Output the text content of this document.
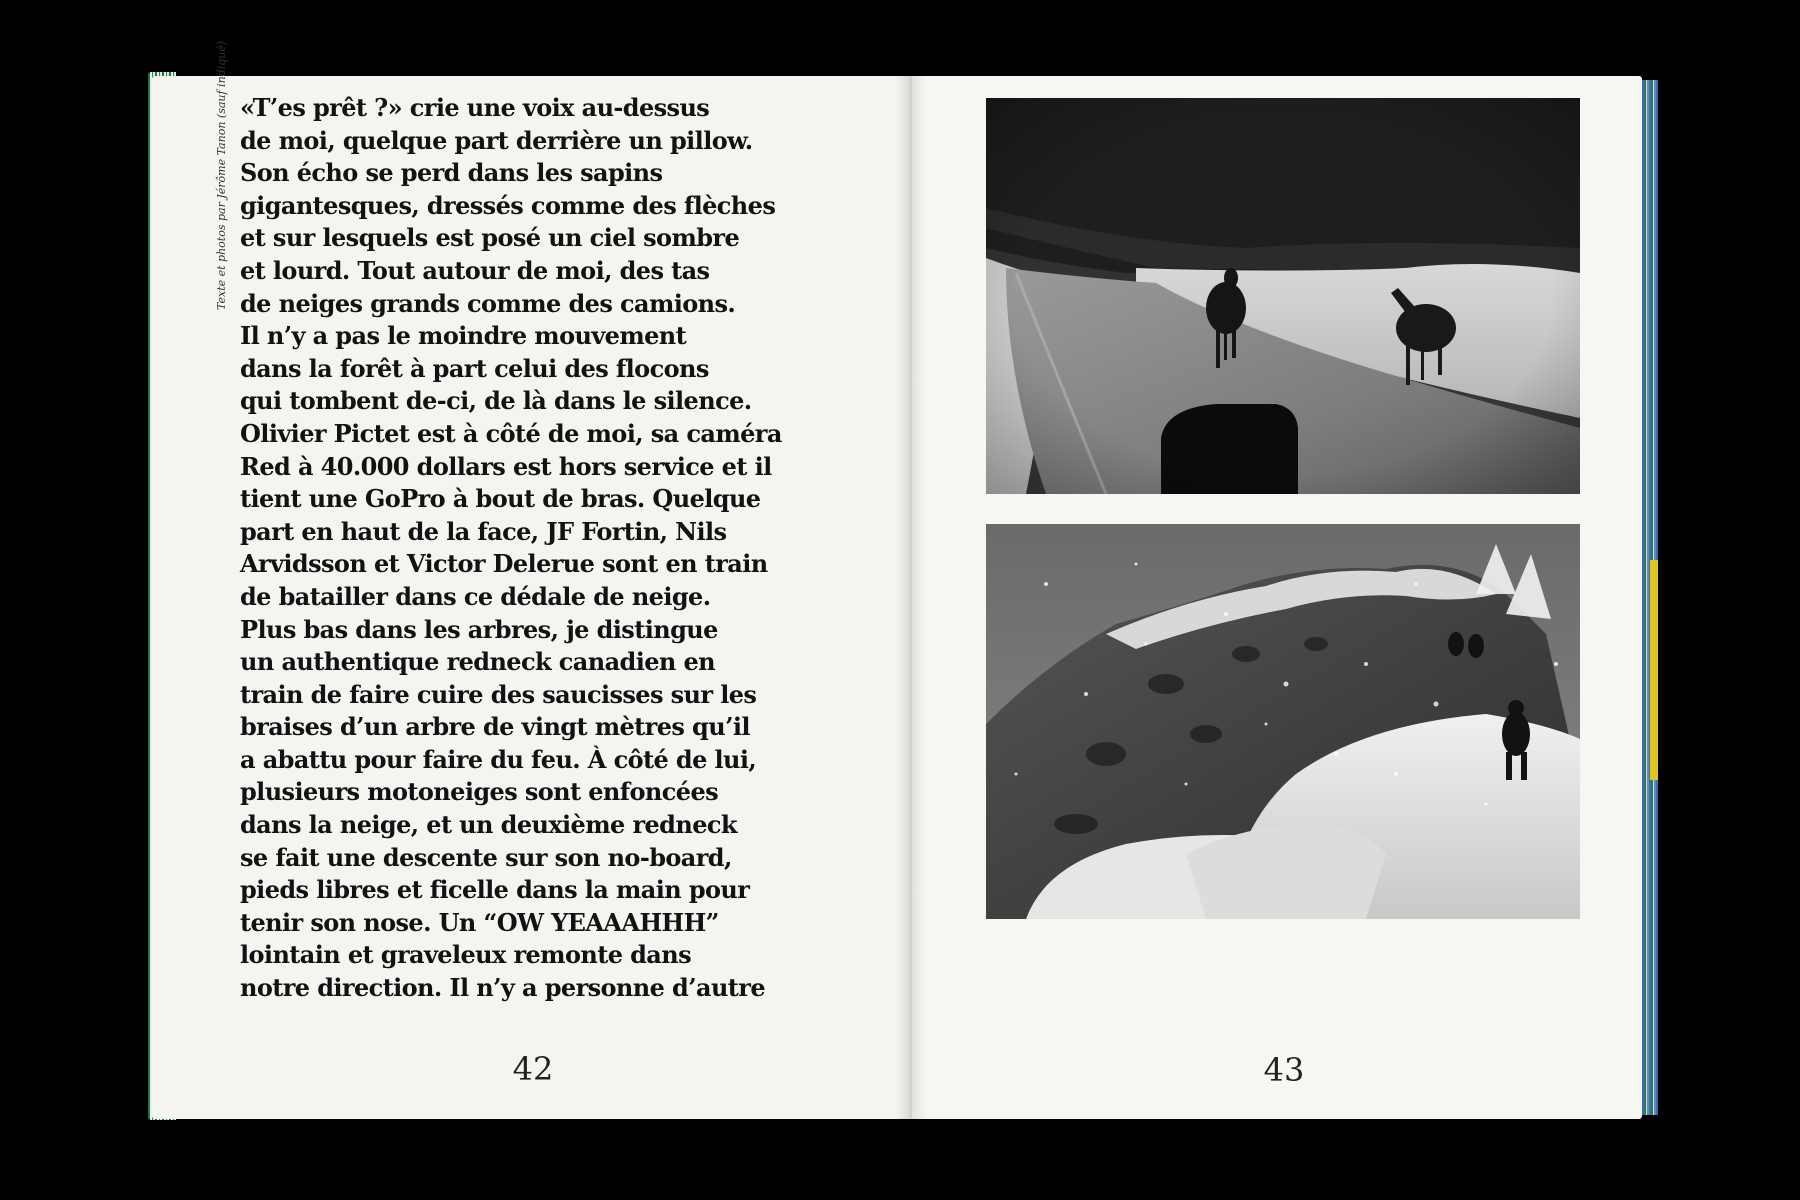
Texte et photos par Jérôme Tanon (sauf indiqué) «T’es prêt ?» crie une voix au-dessus
de moi, quelque part derrière un pillow.
Son écho se perd dans les sapins
gigantesques, dressés comme des flèches
et sur lesquels est posé un ciel sombre
et lourd. Tout autour de moi, des tas
de neiges grands comme des camions.
Il n’y a pas le moindre mouvement
dans la forêt à part celui des flocons
qui tombent de-ci, de là dans le silence.
Olivier Pictet est à côté de moi, sa caméra
Red à 40.000 dollars est hors service et il
tient une GoPro à bout de bras. Quelque
part en haut de la face, JF Fortin, Nils
Arvidsson et Victor Delerue sont en train
de batailler dans ce dédale de neige.
Plus bas dans les arbres, je distingue
un authentique redneck canadien en
train de faire cuire des saucisses sur les
braises d’un arbre de vingt mètres qu’il
a abattu pour faire du feu. À côté de lui,
plusieurs motoneiges sont enfoncées
dans la neige, et un deuxième redneck
se fait une descente sur son no-board,
pieds libres et ficelle dans la main pour
tenir son nose. Un “OW YEAAAHHH”
lointain et graveleux remonte dans
notre direction. Il n’y a personne d’autre
42	43
